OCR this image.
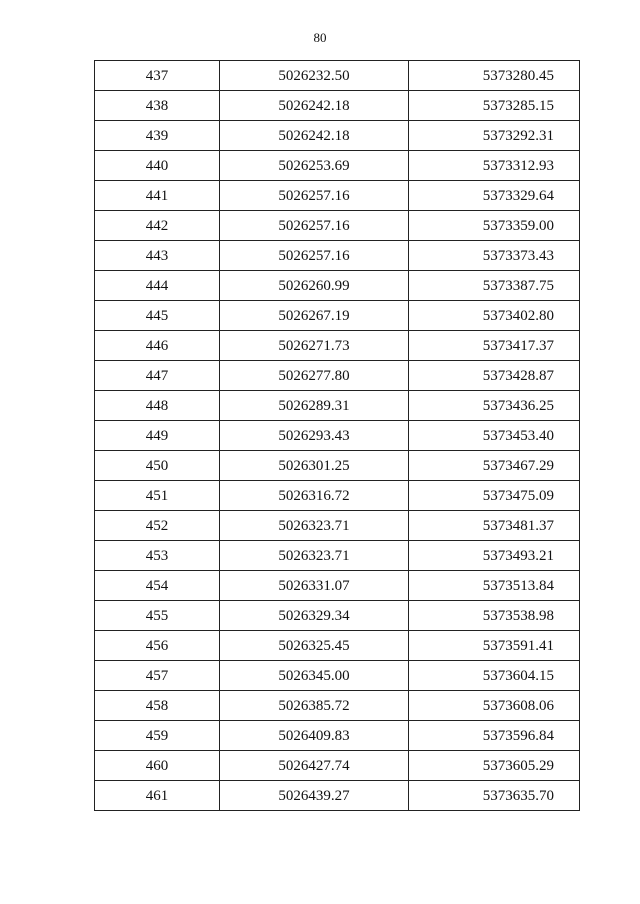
80
437	5026232.50	5373280.45
438	5026242.18	5373285.15
439	5026242.18	5373292.31
440	5026253.69	5373312.93
441	5026257.16	5373329.64
442	5026257.16	5373359.00
443	5026257.16	5373373.43
444	5026260.99	5373387.75
445	5026267.19	5373402.80
446	5026271.73	5373417.37
447	5026277.80	5373428.87
448	5026289.31	5373436.25
449	5026293.43	5373453.40
450	5026301.25	5373467.29
451	5026316.72	5373475.09
452	5026323.71	5373481.37
453	5026323.71	5373493.21
454	5026331.07	5373513.84
455	5026329.34	5373538.98
456	5026325.45	5373591.41
457	5026345.00	5373604.15
458	5026385.72	5373608.06
459	5026409.83	5373596.84
460	5026427.74	5373605.29
461	5026439.27	5373635.70
